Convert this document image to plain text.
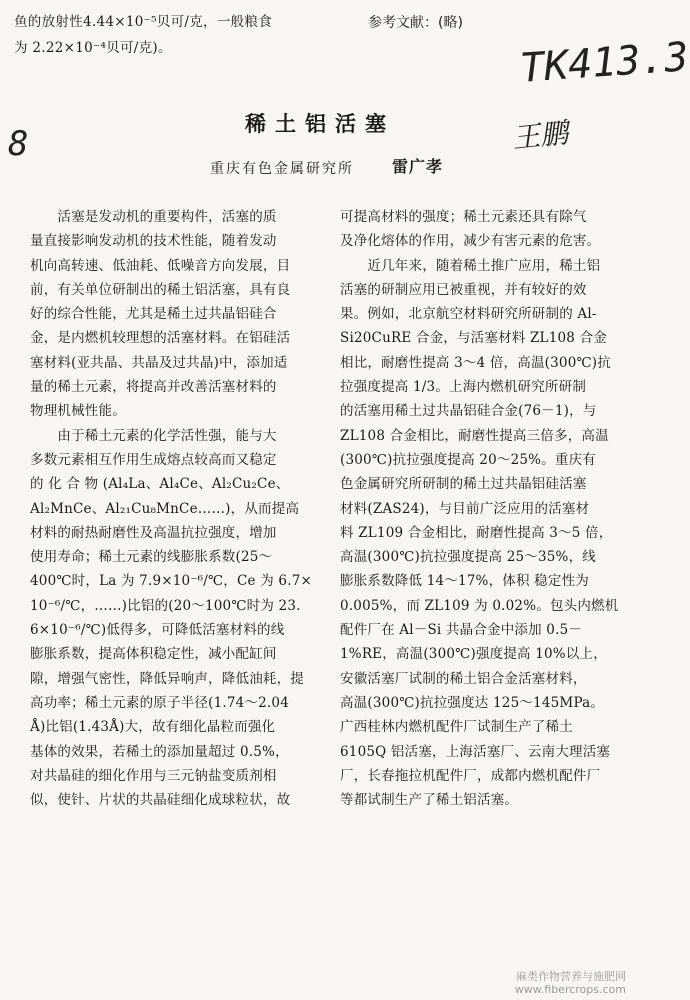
鱼的放射性4.44×10⁻⁵贝可/克，一般粮食
为 2.22×10⁻⁴贝可/克)。
参考文献：(略)
TK413.3
8	王鹏
稀土铝活塞
重庆有色金属研究所 雷广孝
　　活塞是发动机的重要构件，活塞的质
量直接影响发动机的技术性能，随着发动
机向高转速、低油耗、低噪音方向发展，目
前，有关单位研制出的稀土铝活塞，具有良
好的综合性能，尤其是稀土过共晶铝硅合
金，是内燃机较理想的活塞材料。在铝硅活
塞材料(亚共晶、共晶及过共晶)中，添加适
量的稀土元素，将提高并改善活塞材料的
物理机械性能。
　　由于稀土元素的化学活性强，能与大
多数元素相互作用生成熔点较高而又稳定
的 化 合 物 (Al₄La、Al₄Ce、Al₂Cu₂Ce、
Al₂MnCe、Al₂₁Cu₈MnCe……)，从而提高
材料的耐热耐磨性及高温抗拉强度，增加
使用寿命；稀土元素的线膨胀系数(25～
400℃时，La 为 7.9×10⁻⁶/℃，Ce 为 6.7×
10⁻⁶/℃，……)比铝的(20～100℃时为 23.
6×10⁻⁶/℃)低得多，可降低活塞材料的线
膨胀系数，提高体积稳定性，减小配缸间
隙，增强气密性，降低异响声，降低油耗，提
高功率；稀土元素的原子半径(1.74～2.04
Å)比铝(1.43Å)大，故有细化晶粒而强化
基体的效果，若稀土的添加量超过 0.5%，
对共晶硅的细化作用与三元钠盐变质剂相
似，使针、片状的共晶硅细化成球粒状，故
可提高材料的强度；稀土元素还具有除气
及净化熔体的作用，减少有害元素的危害。
　　近几年来，随着稀土推广应用，稀土铝
活塞的研制应用已被重视，并有较好的效
果。例如，北京航空材料研究所研制的 Al-
Si20CuRE 合金，与活塞材料 ZL108 合金
相比，耐磨性提高 3～4 倍，高温(300℃)抗
拉强度提高 1/3。上海内燃机研究所研制
的活塞用稀土过共晶铝硅合金(76－1)，与
ZL108 合金相比，耐磨性提高三倍多，高温
(300℃)抗拉强度提高 20～25%。重庆有
色金属研究所研制的稀土过共晶铝硅活塞
材料(ZAS24)，与目前广泛应用的活塞材
料 ZL109 合金相比，耐磨性提高 3～5 倍，
高温(300℃)抗拉强度提高 25～35%，线
膨胀系数降低 14～17%，体积 稳定性为
0.005%，而 ZL109 为 0.02%。包头内燃机
配件厂在 Al－Si 共晶合金中添加 0.5－
1%RE，高温(300℃)强度提高 10%以上，
安徽活塞厂试制的稀土铝合金活塞材料，
高温(300℃)抗拉强度达 125～145MPa。
广西桂林内燃机配件厂试制生产了稀土
6105Q 铝活塞，上海活塞厂、云南大理活塞
厂，长春拖拉机配件厂，成都内燃机配件厂
等都试制生产了稀土铝活塞。
麻类作物营养与施肥网
www.fibercrops.com
